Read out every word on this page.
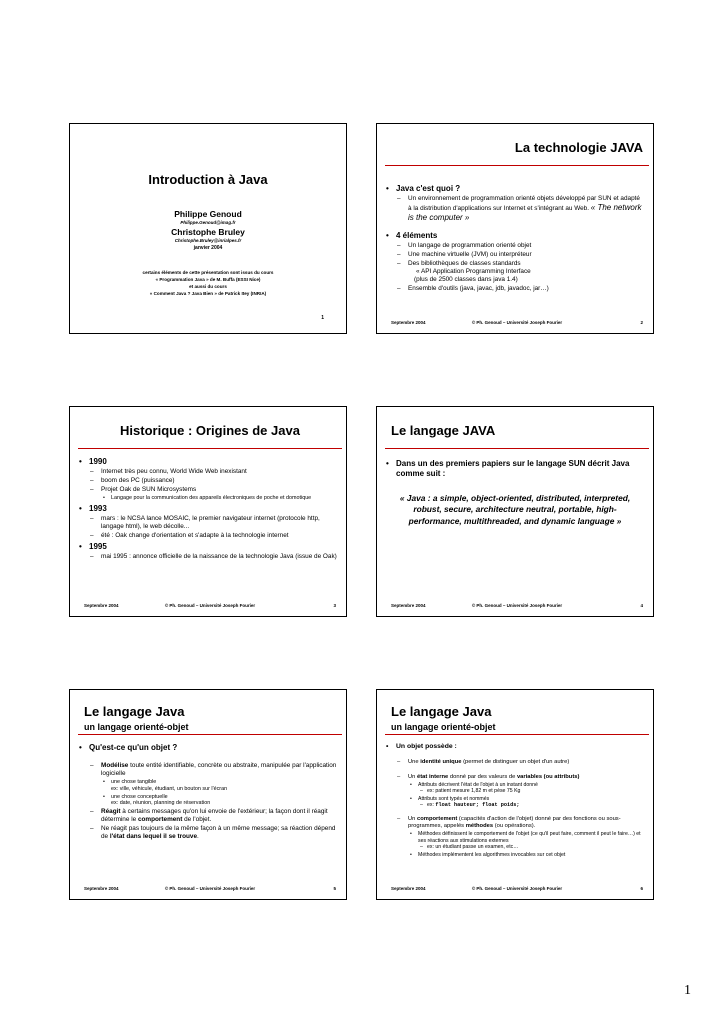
Introduction à Java
Philippe Genoud
Philippe.Genoud@imag.fr
Christophe Bruley
Christophe.Bruley@inrialpes.fr
janvier 2004
certains éléments de cette présentation sont issus du cours
« Programmation Java » de M. Buffa (ESSI Nice)
et aussi du cours
« Comment Java ? Java Bien » de Patrick Itey (INRIA)
1
La technologie JAVA
• Java c'est quoi ?
– Un environnement de programmation orienté objets développé par SUN et adapté à la distribution d'applications sur Internet et s'intégrant au Web. « The network is the computer »
• 4 éléments
– Un langage de programmation orienté objet
– Une machine virtuelle (JVM) ou interpréteur
– Des bibliothèques de classes standards
« API Application Programming Interface
(plus de 2500 classes dans java 1.4)
– Ensemble d'outils (java, javac, jdb, javadoc, jar…)
Septembre 2004	© Ph. Genoud – Université Joseph Fourier	2
Historique : Origines de Java
• 1990
– Internet très peu connu, World Wide Web inexistant
– boom des PC (puissance)
– Projet Oak de SUN Microsystems
• Langage pour la communication des appareils électroniques de poche et domotique
• 1993
– mars : le NCSA lance MOSAIC, le premier navigateur internet (protocole http, langage html), le web décolle...
– été : Oak change d'orientation et s'adapte à la technologie internet
• 1995
– mai 1995 : annonce officielle de la naissance de la technologie Java (issue de Oak)
Septembre 2004	© Ph. Genoud – Université Joseph Fourier	3
Le langage JAVA
• Dans un des premiers papiers sur le langage SUN décrit Java comme suit :
« Java : a simple, object-oriented, distributed, interpreted, robust, secure, architecture neutral, portable, high-performance, multithreaded, and dynamic language »
Septembre 2004	© Ph. Genoud – Université Joseph Fourier	4
Le langage Java
un langage orienté-objet
• Qu'est-ce qu'un objet ?
– Modélise toute entité identifiable, concrète ou abstraite, manipulée par l'application logicielle
• une chose tangible
ex: ville, véhicule, étudiant, un bouton sur l'écran
• une chose conceptuelle
ex: date, réunion, planning de réservation
– Réagit à certains messages qu'on lui envoie de l'extérieur; la façon dont il réagit détermine le comportement de l'objet.
– Ne réagit pas toujours de la même façon à un même message; sa réaction dépend de l'état dans lequel il se trouve.
Septembre 2004	© Ph. Genoud – Université Joseph Fourier	5
Le langage Java
un langage orienté-objet
• Un objet possède :
– Une identité unique (permet de distinguer un objet d'un autre)
– Un état interne donné par des valeurs de variables (ou attributs)
• Attributs décrivent l'état de l'objet à un instant donné
– ex: patient mesure 1,82 m et pèse 75 Kg
• Attributs sont typés et nommés
– ex: float hauteur; float poids;
– Un comportement (capacités d'action de l'objet) donné par des fonctions ou sous-programmes, appelés méthodes (ou opérations).
• Méthodes définissent le comportement de l'objet (ce qu'il peut faire, comment il peut le faire…) et ses réactions aux stimulations externes
– ex: un étudiant passe un examen, etc…
• Méthodes implémentent les algorithmes invocables sur cet objet
Septembre 2004	© Ph. Genoud – Université Joseph Fourier	6
1
